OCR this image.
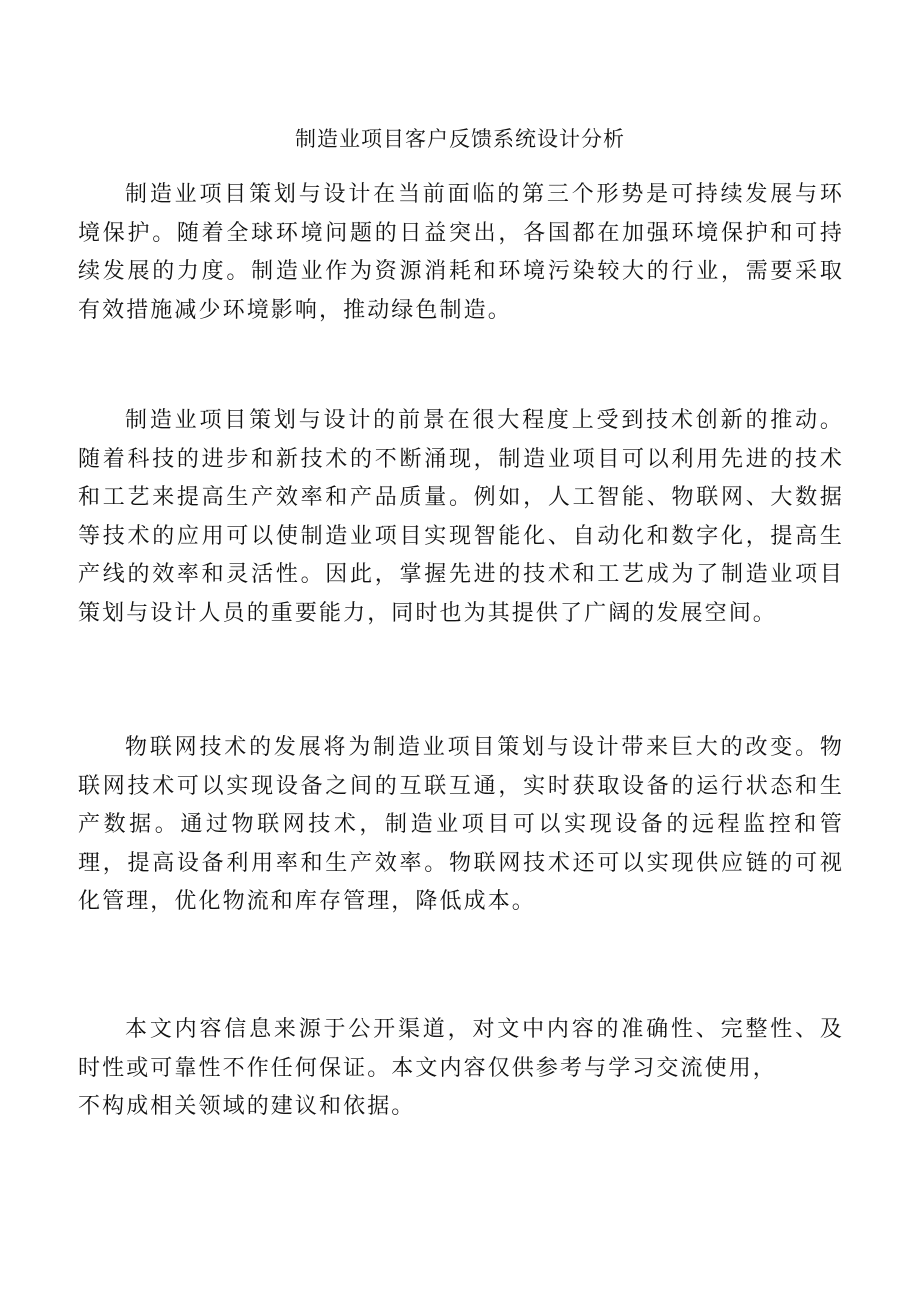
制造业项目客户反馈系统设计分析

制造业项目策划与设计在当前面临的第三个形势是可持续发展与环境保护。随着全球环境问题的日益突出，各国都在加强环境保护和可持续发展的力度。制造业作为资源消耗和环境污染较大的行业，需要采取有效措施减少环境影响，推动绿色制造。

制造业项目策划与设计的前景在很大程度上受到技术创新的推动。随着科技的进步和新技术的不断涌现，制造业项目可以利用先进的技术和工艺来提高生产效率和产品质量。例如，人工智能、物联网、大数据等技术的应用可以使制造业项目实现智能化、自动化和数字化，提高生产线的效率和灵活性。因此，掌握先进的技术和工艺成为了制造业项目策划与设计人员的重要能力，同时也为其提供了广阔的发展空间。

物联网技术的发展将为制造业项目策划与设计带来巨大的改变。物联网技术可以实现设备之间的互联互通，实时获取设备的运行状态和生产数据。通过物联网技术，制造业项目可以实现设备的远程监控和管理，提高设备利用率和生产效率。物联网技术还可以实现供应链的可视化管理，优化物流和库存管理，降低成本。

本文内容信息来源于公开渠道，对文中内容的准确性、完整性、及时性或可靠性不作任何保证。本文内容仅供参考与学习交流使用，
不构成相关领域的建议和依据。
